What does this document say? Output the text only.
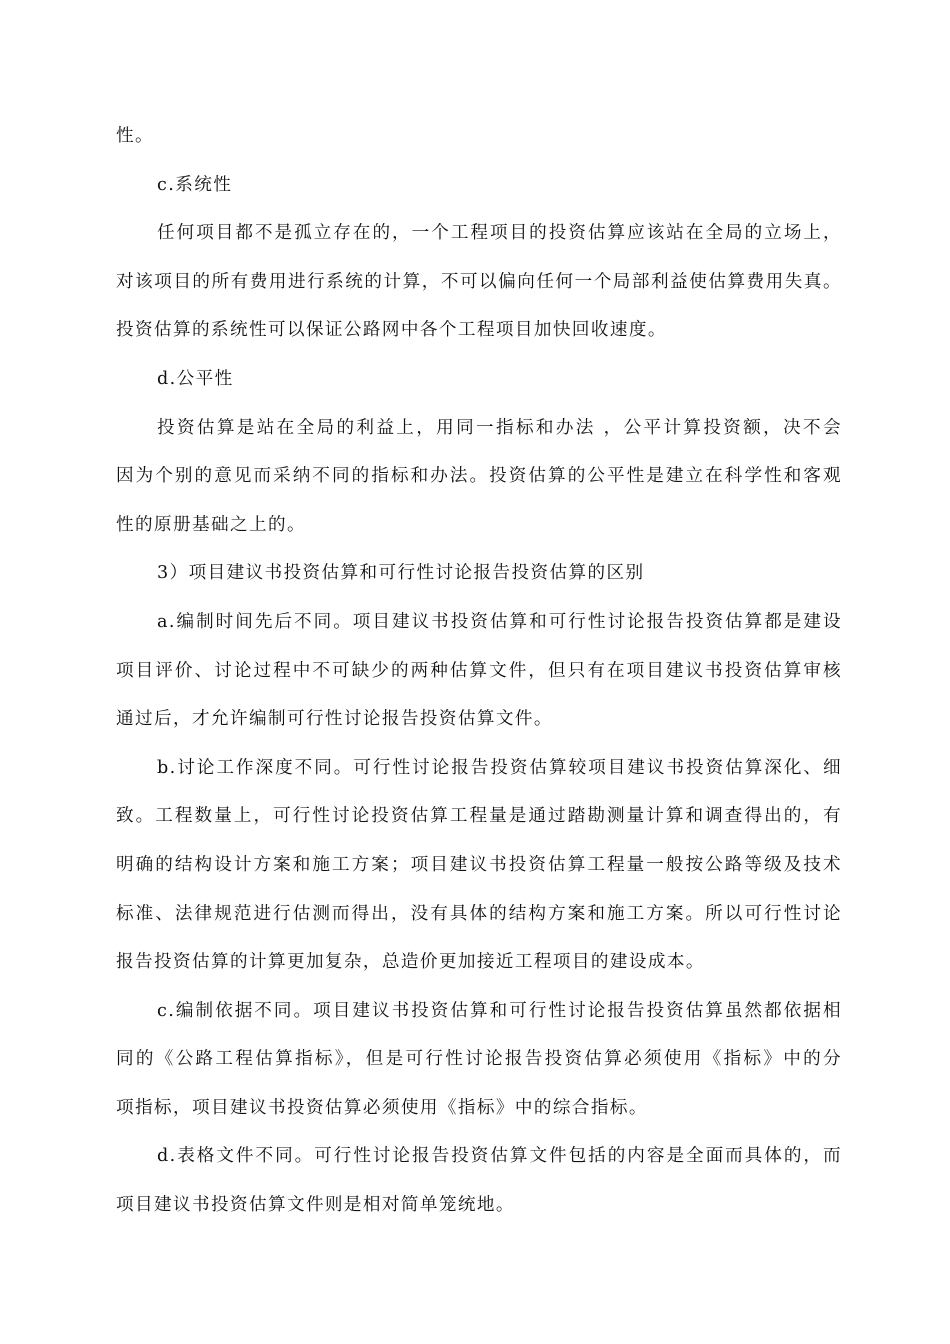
性。
c.系统性
任何项目都不是孤立存在的，一个工程项目的投资估算应该站在全局的立场上，
对该项目的所有费用进行系统的计算，不可以偏向任何一个局部利益使估算费用失真。
投资估算的系统性可以保证公路网中各个工程项目加快回收速度。
d.公平性
投资估算是站在全局的利益上，用同一指标和办法 ，公平计算投资额，决不会
因为个别的意见而采纳不同的指标和办法。投资估算的公平性是建立在科学性和客观
性的原册基础之上的。
3）项目建议书投资估算和可行性讨论报告投资估算的区别
a.编制时间先后不同。项目建议书投资估算和可行性讨论报告投资估算都是建设
项目评价、讨论过程中不可缺少的两种估算文件，但只有在项目建议书投资估算审核
通过后，才允许编制可行性讨论报告投资估算文件。
b.讨论工作深度不同。可行性讨论报告投资估算较项目建议书投资估算深化、细
致。工程数量上，可行性讨论投资估算工程量是通过踏勘测量计算和调查得出的，有
明确的结构设计方案和施工方案；项目建议书投资估算工程量一般按公路等级及技术
标准、法律规范进行估测而得出，没有具体的结构方案和施工方案。所以可行性讨论
报告投资估算的计算更加复杂，总造价更加接近工程项目的建设成本。
c.编制依据不同。项目建议书投资估算和可行性讨论报告投资估算虽然都依据相
同的《公路工程估算指标》，但是可行性讨论报告投资估算必须使用《指标》中的分
项指标，项目建议书投资估算必须使用《指标》中的综合指标。
d.表格文件不同。可行性讨论报告投资估算文件包括的内容是全面而具体的，而
项目建议书投资估算文件则是相对简单笼统地。
